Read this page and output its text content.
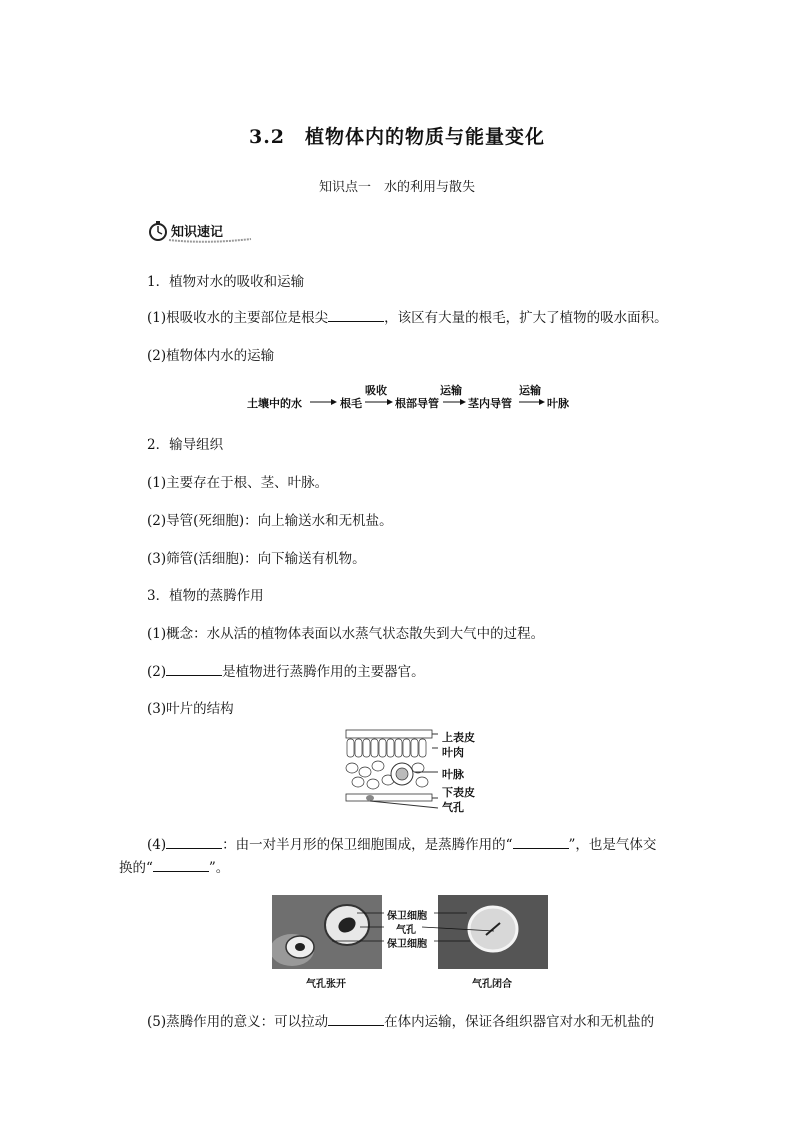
3.2　植物体内的物质与能量变化
知识点一　水的利用与散失
知识速记
1．植物对水的吸收和运输
(1)根吸收水的主要部位是根尖	，该区有大量的根毛，扩大了植物的吸水面积。
(2)植物体内水的运输
土壤中的水	根毛	根部导管	茎内导管	叶脉
吸收	运输	运输
2．输导组织
(1)主要存在于根、茎、叶脉。
(2)导管(死细胞)：向上输送水和无机盐。
(3)筛管(活细胞)：向下输送有机物。
3．植物的蒸腾作用
(1)概念：水从活的植物体表面以水蒸气状态散失到大气中的过程。
(2)	是植物进行蒸腾作用的主要器官。
(3)叶片的结构
上表皮
叶肉
叶脉
下表皮
气孔
(4)	：由一对半月形的保卫细胞围成，是蒸腾作用的“	”，也是气体交
换的“	”。
保卫细胞
气孔
保卫细胞
气孔张开	气孔闭合
(5)蒸腾作用的意义：可以拉动	在体内运输，保证各组织器官对水和无机盐的
